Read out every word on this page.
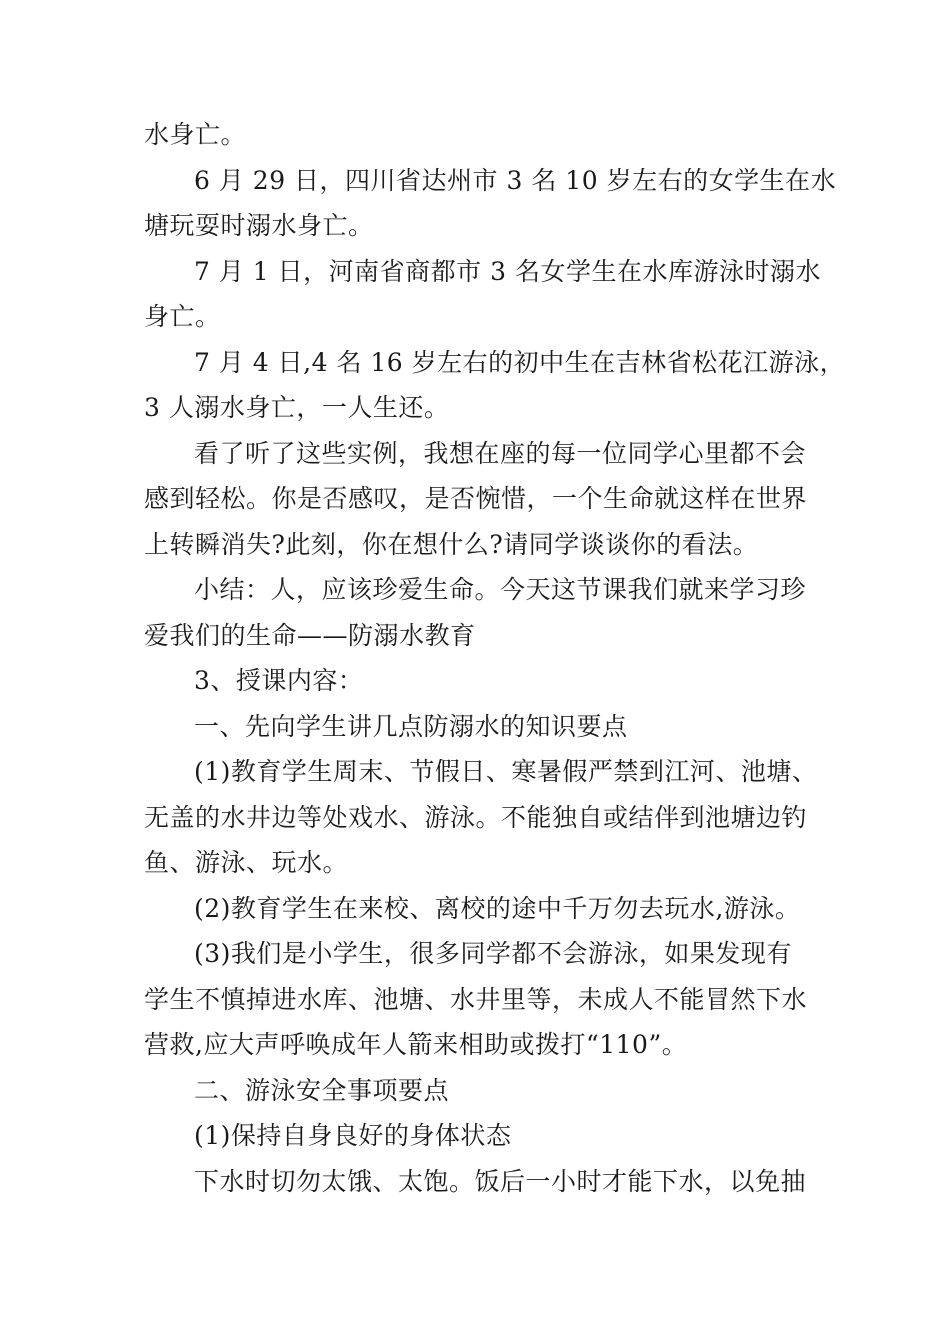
水身亡。
6 月 29 日，四川省达州市 3 名 10 岁左右的女学生在水
塘玩耍时溺水身亡。
7 月 1 日，河南省商都市 3 名女学生在水库游泳时溺水
身亡。
7 月 4 日,4 名 16 岁左右的初中生在吉林省松花江游泳，
3 人溺水身亡，一人生还。
看了听了这些实例，我想在座的每一位同学心里都不会
感到轻松。你是否感叹，是否惋惜，一个生命就这样在世界
上转瞬消失?此刻，你在想什么?请同学谈谈你的看法。
小结：人，应该珍爱生命。今天这节课我们就来学习珍
爱我们的生命——防溺水教育
3、授课内容：
一、先向学生讲几点防溺水的知识要点
(1)教育学生周末、节假日、寒暑假严禁到江河、池塘、
无盖的水井边等处戏水、游泳。不能独自或结伴到池塘边钓
鱼、游泳、玩水。
(2)教育学生在来校、离校的途中千万勿去玩水,游泳。
(3)我们是小学生，很多同学都不会游泳，如果发现有
学生不慎掉进水库、池塘、水井里等，未成人不能冒然下水
营救,应大声呼唤成年人箭来相助或拨打“110”。
二、游泳安全事项要点
(1)保持自身良好的身体状态
下水时切勿太饿、太饱。饭后一小时才能下水，以免抽
